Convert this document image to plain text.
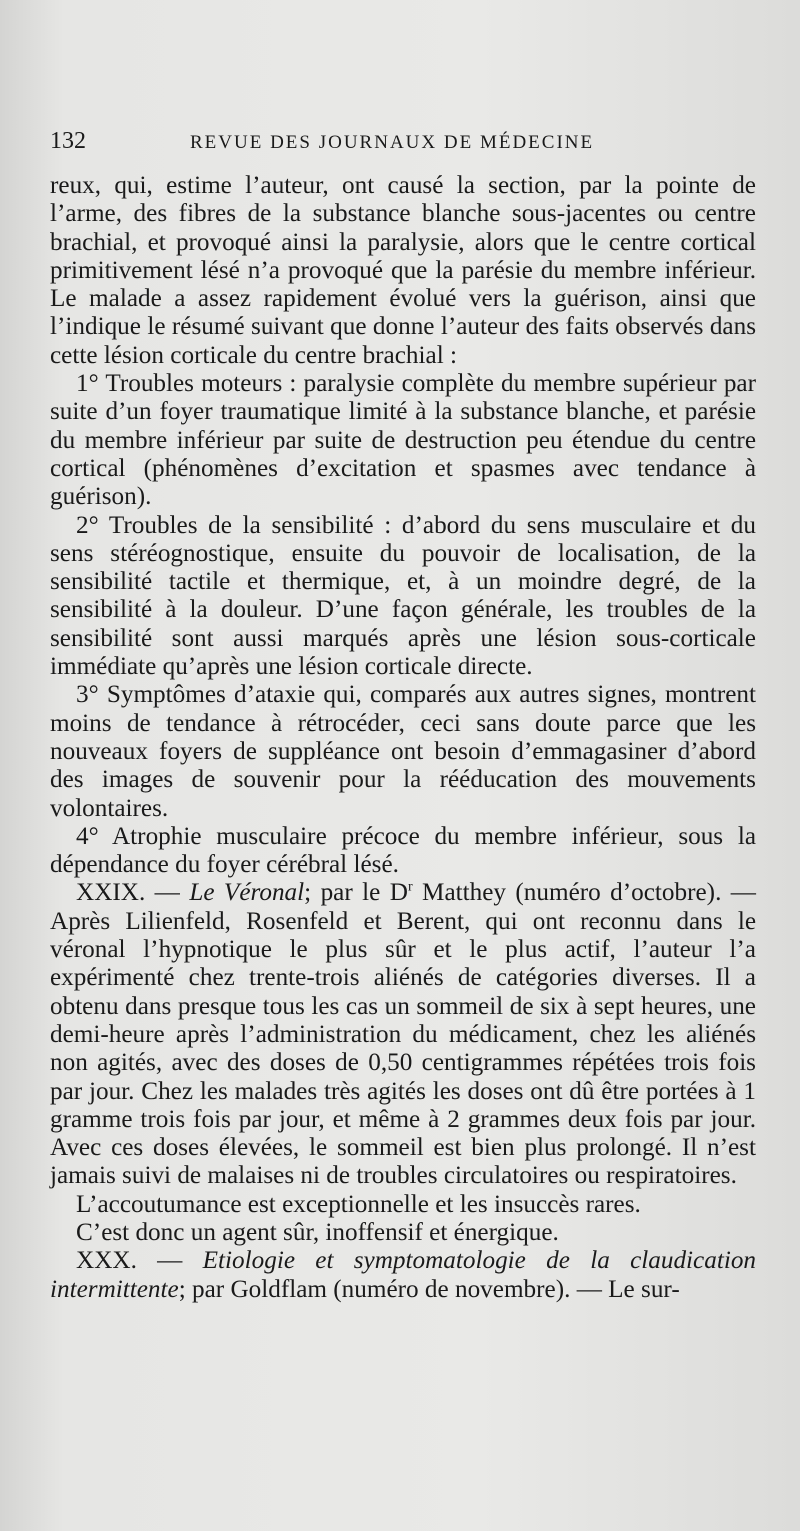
132	REVUE DES JOURNAUX DE MÉDECINE

reux, qui, estime l’auteur, ont causé la section, par la pointe de l’arme, des fibres de la substance blanche sous-jacentes ou centre brachial, et provoqué ainsi la paralysie, alors que le centre cortical primitivement lésé n’a provoqué que la parésie du membre inférieur. Le malade a assez rapidement évolué vers la guérison, ainsi que l’indique le résumé suivant que donne l’auteur des faits observés dans cette lésion corticale du centre brachial :

1° Troubles moteurs : paralysie complète du membre supérieur par suite d’un foyer traumatique limité à la substance blanche, et parésie du membre inférieur par suite de destruction peu étendue du centre cortical (phénomènes d’excitation et spasmes avec tendance à guérison).

2° Troubles de la sensibilité : d’abord du sens musculaire et du sens stéréognostique, ensuite du pouvoir de localisation, de la sensibilité tactile et thermique, et, à un moindre degré, de la sensibilité à la douleur. D’une façon générale, les troubles de la sensibilité sont aussi marqués après une lésion sous-corticale immédiate qu’après une lésion corticale directe.

3° Symptômes d’ataxie qui, comparés aux autres signes, montrent moins de tendance à rétrocéder, ceci sans doute parce que les nouveaux foyers de suppléance ont besoin d’emmagasiner d’abord des images de souvenir pour la rééducation des mouvements volontaires.

4° Atrophie musculaire précoce du membre inférieur, sous la dépendance du foyer cérébral lésé.

XXIX. — Le Véronal; par le $D^r$ Matthey (numéro d’octobre). — Après Lilienfeld, Rosenfeld et Berent, qui ont reconnu dans le véronal l’hypnotique le plus sûr et le plus actif, l’auteur l’a expérimenté chez trente-trois aliénés de catégories diverses. Il a obtenu dans presque tous les cas un sommeil de six à sept heures, une demi-heure après l’administration du médicament, chez les aliénés non agités, avec des doses de 0,50 centigrammes répétées trois fois par jour. Chez les malades très agités les doses ont dû être portées à 1 gramme trois fois par jour, et même à 2 grammes deux fois par jour. Avec ces doses élevées, le sommeil est bien plus prolongé. Il n’est jamais suivi de malaises ni de troubles circulatoires ou respiratoires.

L’accoutumance est exceptionnelle et les insuccès rares.

C’est donc un agent sûr, inoffensif et énergique.

XXX. — Etiologie et symptomatologie de la claudication intermittente; par Goldflam (numéro de novembre). — Le sur-
